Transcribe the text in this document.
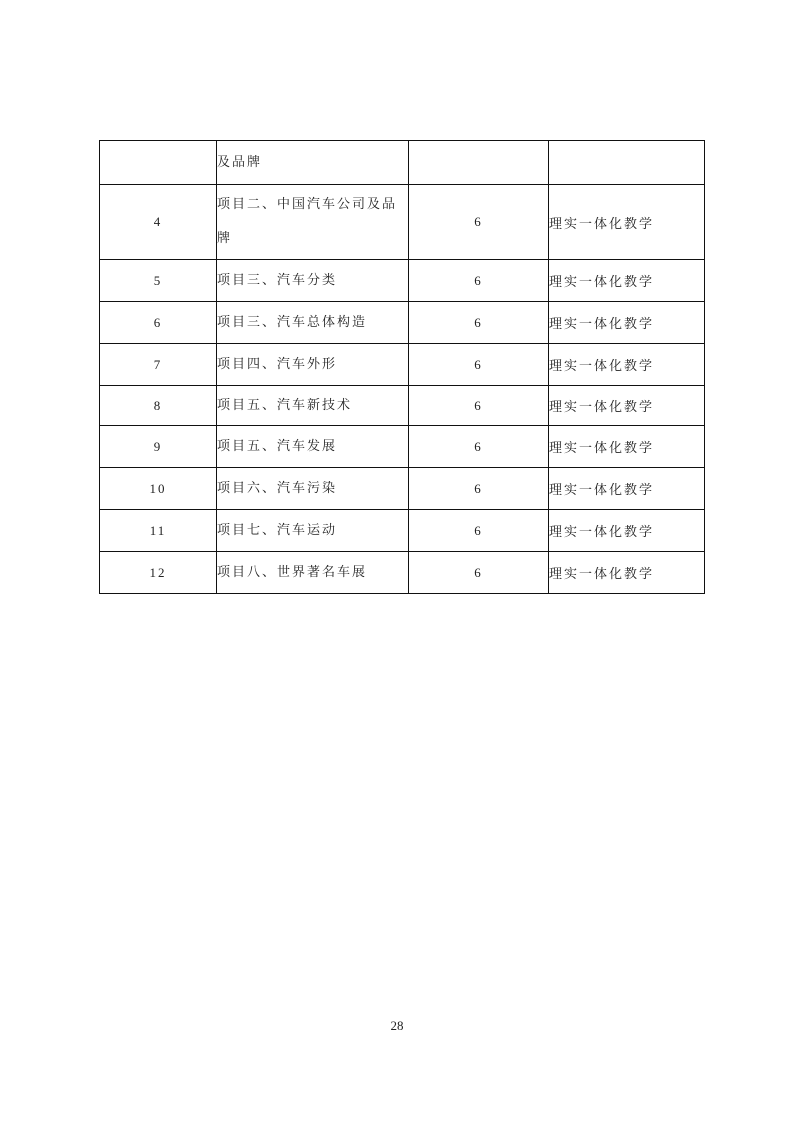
	及品牌		
4	项目二、中国汽车公司及品牌	6	理实一体化教学
5	项目三、汽车分类	6	理实一体化教学
6	项目三、汽车总体构造	6	理实一体化教学
7	项目四、汽车外形	6	理实一体化教学
8	项目五、汽车新技术	6	理实一体化教学
9	项目五、汽车发展	6	理实一体化教学
10	项目六、汽车污染	6	理实一体化教学
11	项目七、汽车运动	6	理实一体化教学
12	项目八、世界著名车展	6	理实一体化教学
28
